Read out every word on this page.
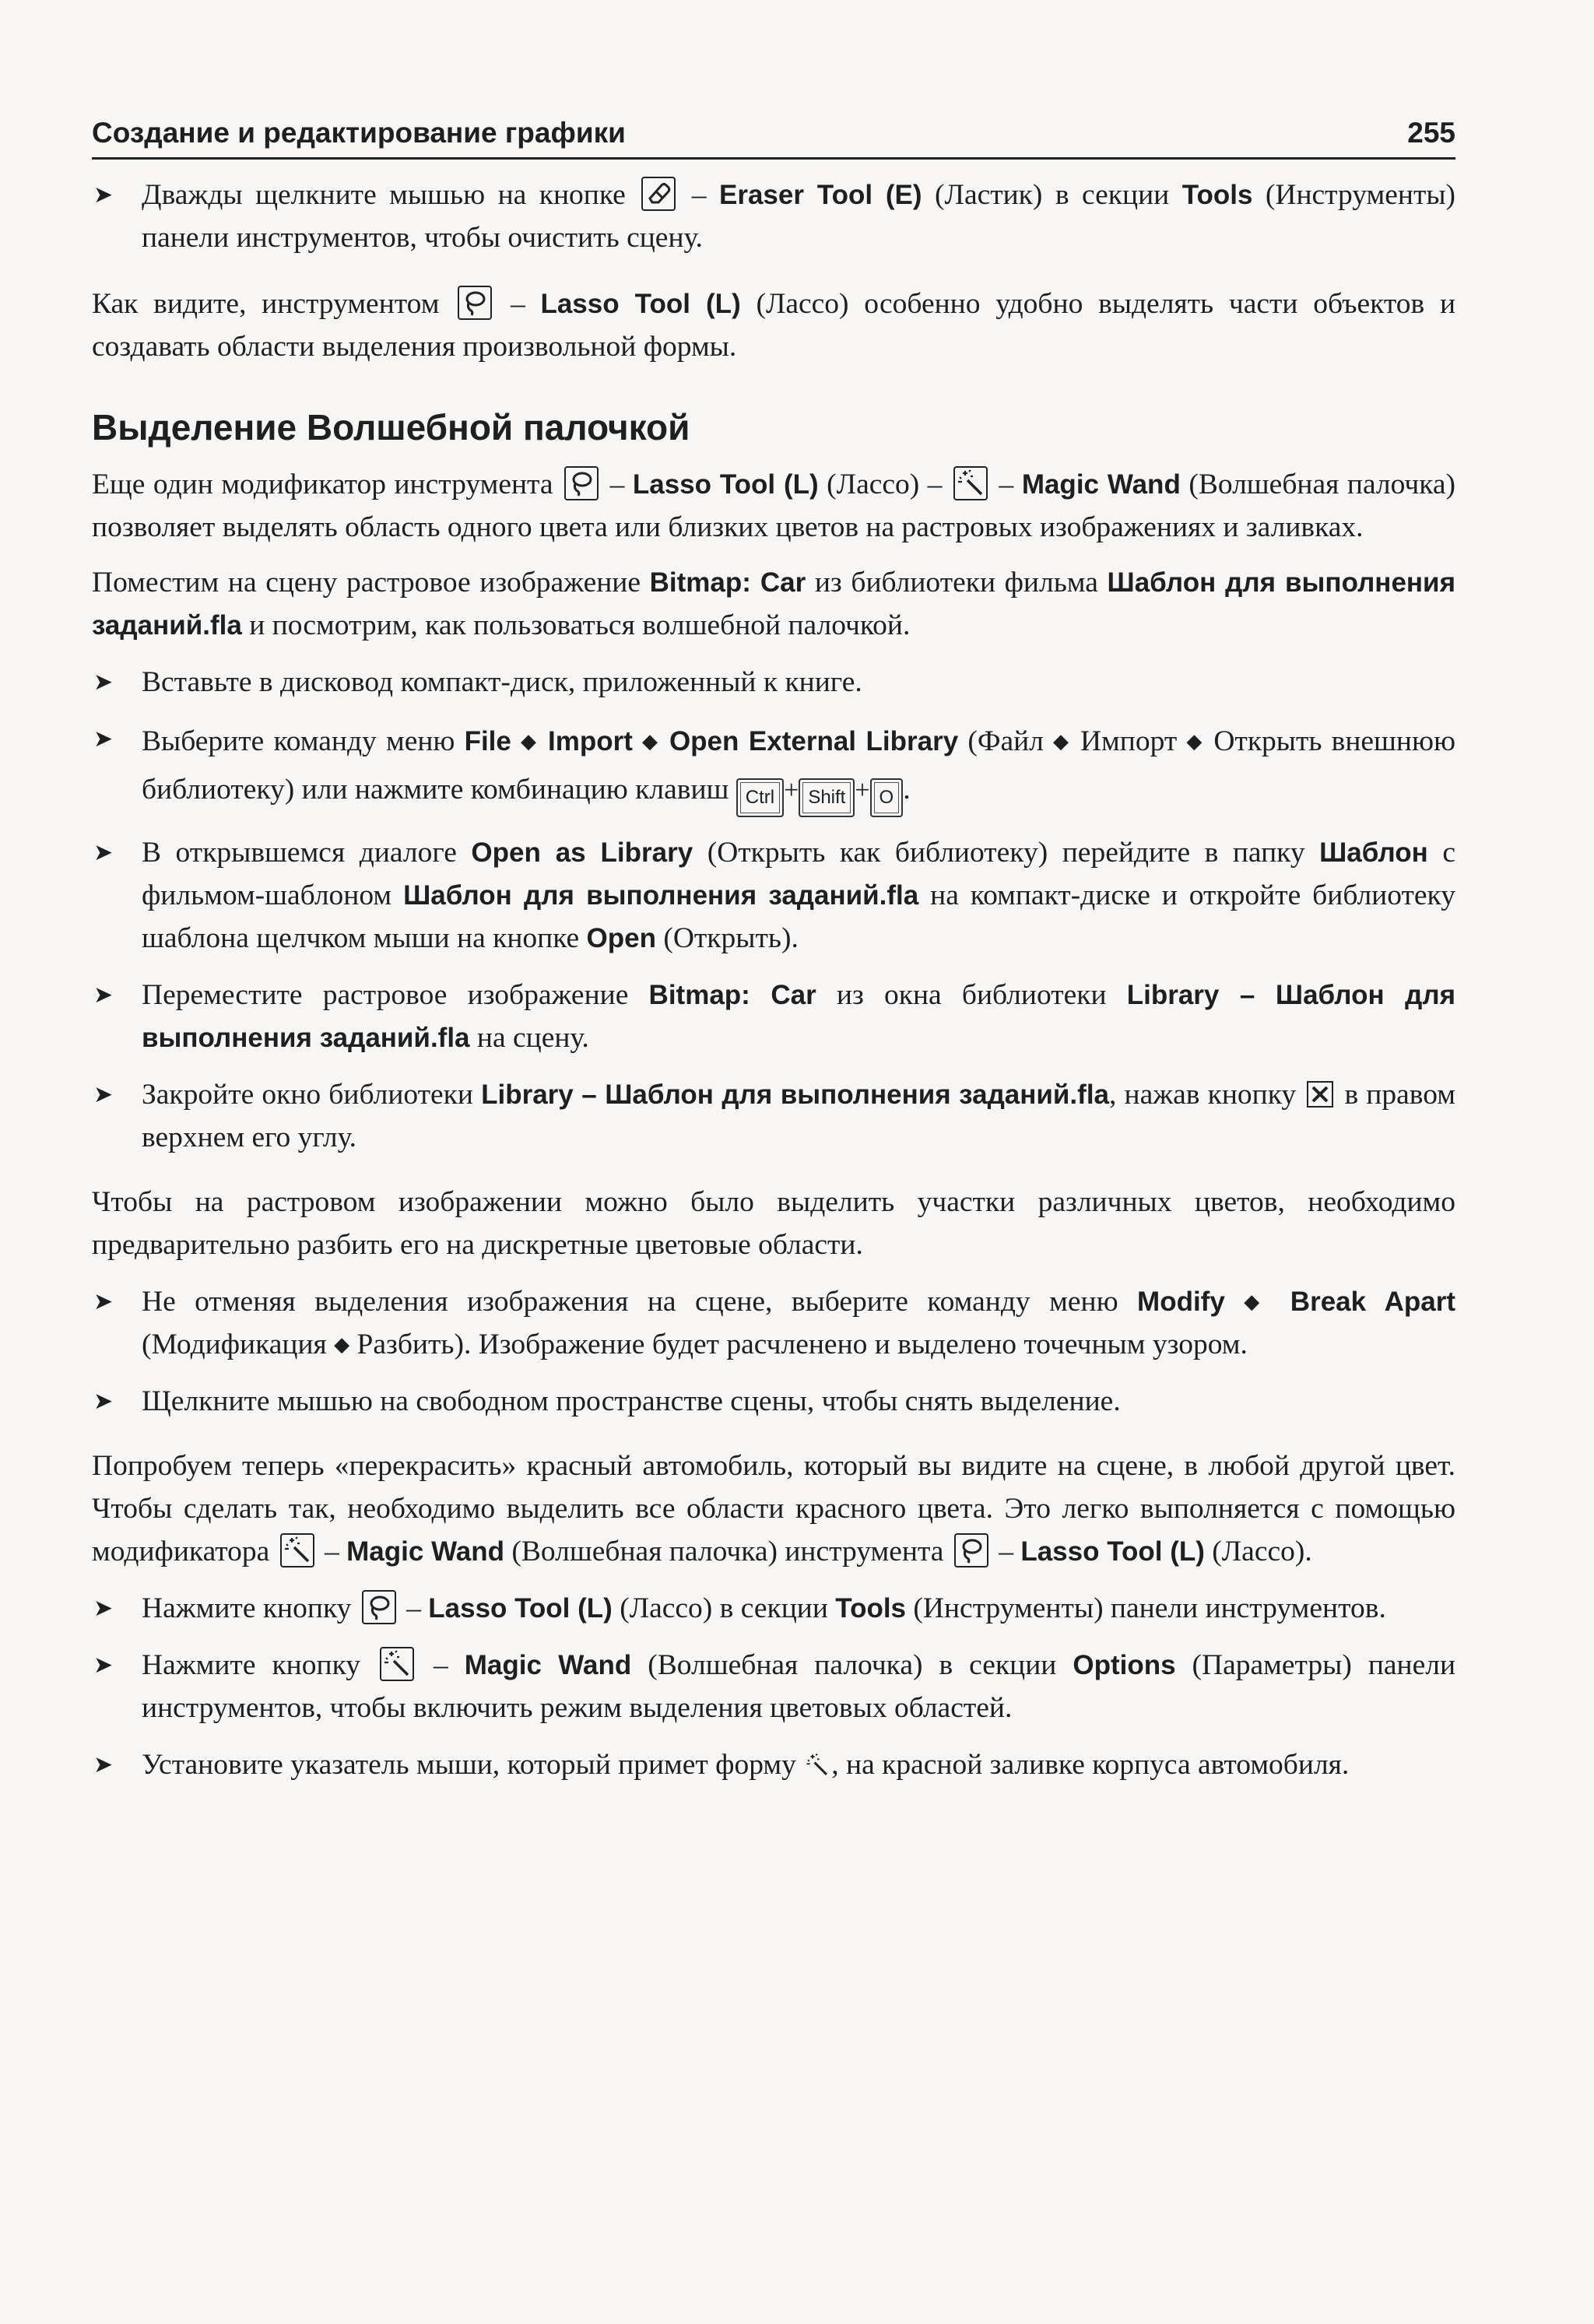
Создание и редактирование графики	255
➤ Дважды щелкните мышью на кнопке – Eraser Tool (E) (Ластик) в секции Tools (Инструменты) панели инструментов, чтобы очистить сцену.

Как видите, инструментом – Lasso Tool (L) (Лассо) особенно удобно выделять части объектов и создавать области выделения произвольной формы.

Выделение Волшебной палочкой

Еще один модификатор инструмента – Lasso Tool (L) (Лассо) –
– Magic Wand (Волшебная палочка) позволяет выделять область одного цвета или близких цветов на растровых изображениях и заливках.

Поместим на сцену растровое изображение Bitmap: Car из библиотеки фильма Шаблон для выполнения заданий.fla и посмотрим, как пользоваться волшебной палочкой.

➤ Вставьте в дисковод компакт-диск, приложенный к книге.
➤ Выберите команду меню File ◆ Import ◆ Open External Library (Файл ◆ Импорт ◆ Открыть внешнюю библиотеку) или нажмите комбинацию клавиш Ctrl + Shift + O .
➤ В открывшемся диалоге Open as Library (Открыть как библиотеку) перейдите в папку Шаблон с фильмом-шаблоном Шаблон для выполнения заданий.fla на компакт-диске и откройте библиотеку шаблона щелчком мыши на кнопке Open (Открыть).
➤ Переместите растровое изображение Bitmap: Car из окна библиотеки Library – Шаблон для выполнения заданий.fla на сцену.
➤ Закройте окно библиотеки Library – Шаблон для выполнения заданий.fla, нажав кнопку в правом верхнем его углу.

Чтобы на растровом изображении можно было выделить участки различных цветов, необходимо предварительно разбить его на дискретные цветовые области.

➤ Не отменяя выделения изображения на сцене, выберите команду меню Modify ◆ Break Apart (Модификация ◆ Разбить). Изображение будет расчленено и выделено точечным узором.
➤ Щелкните мышью на свободном пространстве сцены, чтобы снять выделение.

Попробуем теперь «перекрасить» красный автомобиль, который вы видите на сцене, в любой другой цвет. Чтобы сделать так, необходимо выделить все области красного цвета. Это легко выполняется с помощью модификатора – Magic Wand (Волшебная палочка) инструмента – Lasso Tool (L) (Лассо).

➤ Нажмите кнопку – Lasso Tool (L) (Лассо) в секции Tools (Инструменты) панели инструментов.
➤ Нажмите кнопку	– Magic Wand (Волшебная палочка) в секции Options (Параметры) панели инструментов, чтобы включить режим выделения цветовых областей.
➤ Установите указатель мыши, который примет форму
, на красной заливке корпуса автомобиля.
